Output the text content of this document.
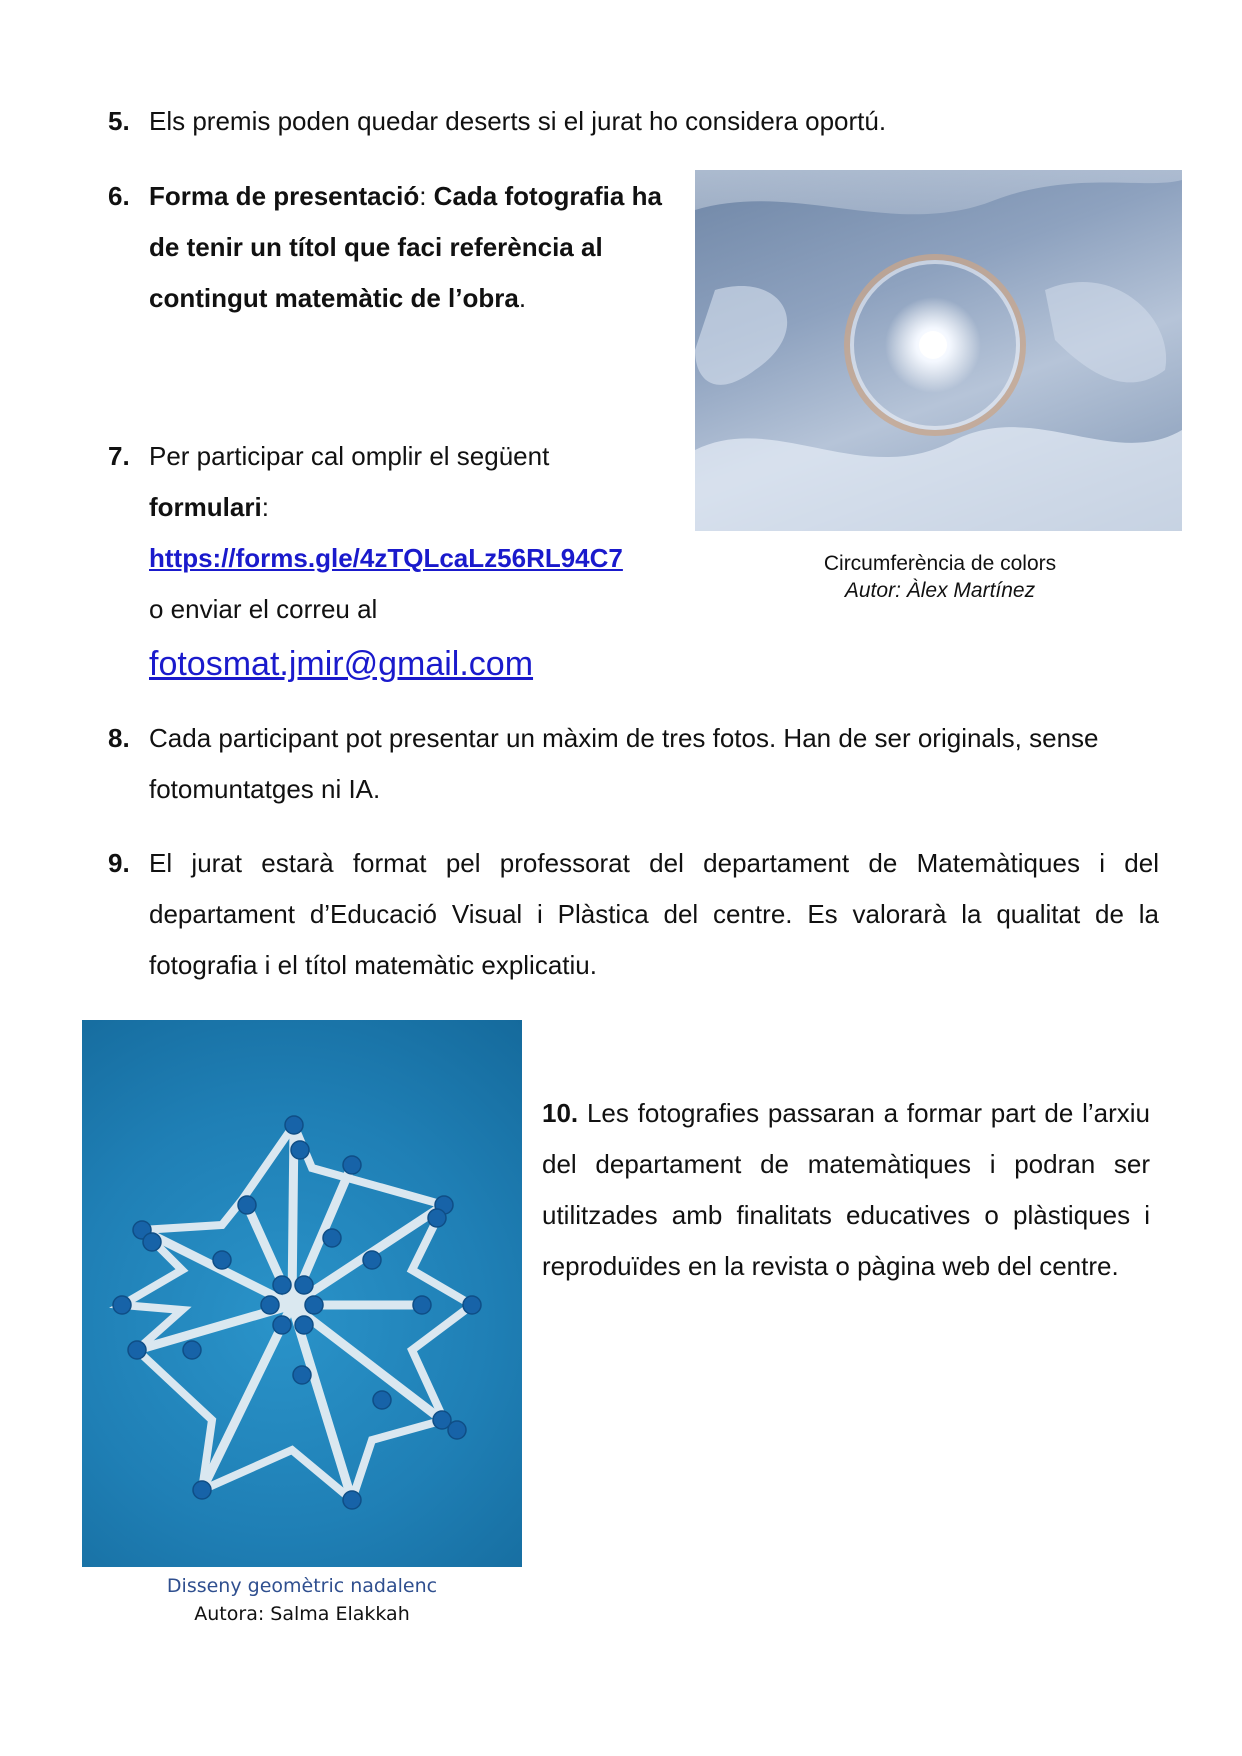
5. Els premis poden quedar deserts si el jurat ho considera oportú.
6. Forma de presentació: Cada fotografia ha de tenir un títol que faci referència al contingut matemàtic de l’obra.
7. Per participar cal omplir el següent
formulari:
https://forms.gle/4zTQLcaLz56RL94C7
o enviar el correu al
fotosmat.jmir@gmail.com
Circumferència de colors
Autor: Àlex Martínez
8. Cada participant pot presentar un màxim de tres fotos. Han de ser originals, sense fotomuntatges ni IA.
9. El jurat estarà format pel professorat del departament de Matemàtiques i del departament d’Educació Visual i Plàstica del centre. Es valorarà la qualitat de la fotografia i el títol matemàtic explicatiu.
Disseny geomètric nadalenc
Autora: Salma Elakkah
10. Les fotografies passaran a formar part de l’arxiu del departament de matemàtiques i podran ser utilitzades amb finalitats educatives o plàstiques i reproduïdes en la revista o pàgina web del centre.
